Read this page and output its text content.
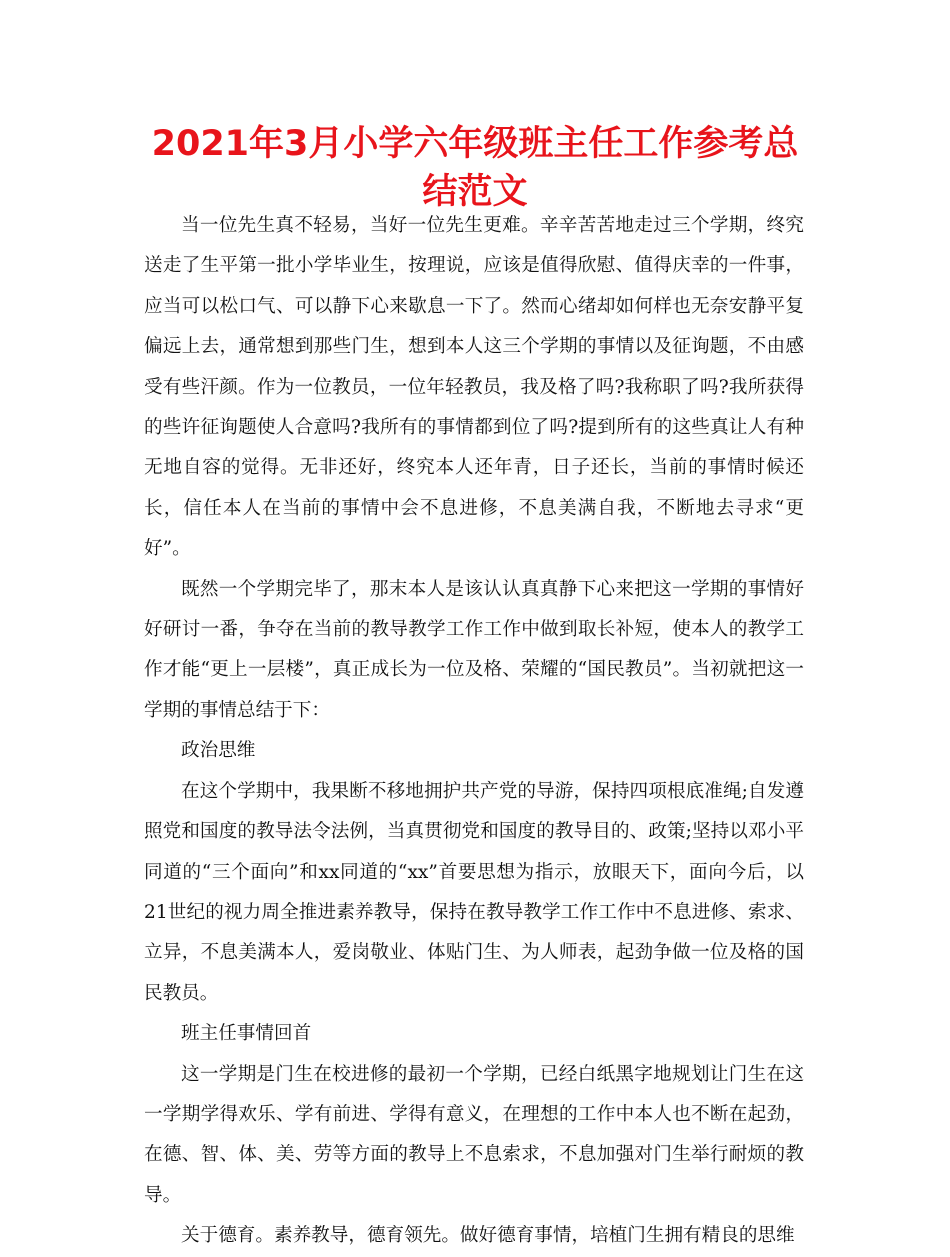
2021年3月小学六年级班主任工作参考总结范文

当一位先生真不轻易，当好一位先生更难。辛辛苦苦地走过三个学期，终究送走了生平第一批小学毕业生，按理说，应该是值得欣慰、值得庆幸的一件事，应当可以松口气、可以静下心来歇息一下了。然而心绪却如何样也无奈安静平复偏远上去，通常想到那些门生，想到本人这三个学期的事情以及征询题，不由感受有些汗颜。作为一位教员，一位年轻教员，我及格了吗?我称职了吗?我所获得的些许征询题使人合意吗?我所有的事情都到位了吗?提到所有的这些真让人有种无地自容的觉得。无非还好，终究本人还年青，日子还长，当前的事情时候还长，信任本人在当前的事情中会不息进修，不息美满自我，不断地去寻求“更好”。

既然一个学期完毕了，那末本人是该认认真真静下心来把这一学期的事情好好研讨一番，争夺在当前的教导教学工作工作中做到取长补短，使本人的教学工作才能“更上一层楼”，真正成长为一位及格、荣耀的“国民教员”。当初就把这一学期的事情总结于下：

政治思维

在这个学期中，我果断不移地拥护共产党的导游，保持四项根底准绳;自发遵照党和国度的教导法令法例，当真贯彻党和国度的教导目的、政策;坚持以邓小平同道的“三个面向”和xx同道的“xx”首要思想为指示，放眼天下，面向今后，以21世纪的视力周全推进素养教导，保持在教导教学工作工作中不息进修、索求、立异，不息美满本人，爱岗敬业、体贴门生、为人师表，起劲争做一位及格的国民教员。

班主任事情回首

这一学期是门生在校进修的最初一个学期，已经白纸黑字地规划让门生在这一学期学得欢乐、学有前进、学得有意义，在理想的工作中本人也不断在起劲，在德、智、体、美、劳等方面的教导上不息索求，不息加强对门生举行耐烦的教导。

关于德育。素养教导，德育领先。做好德育事情，培植门生拥有精良的思维
